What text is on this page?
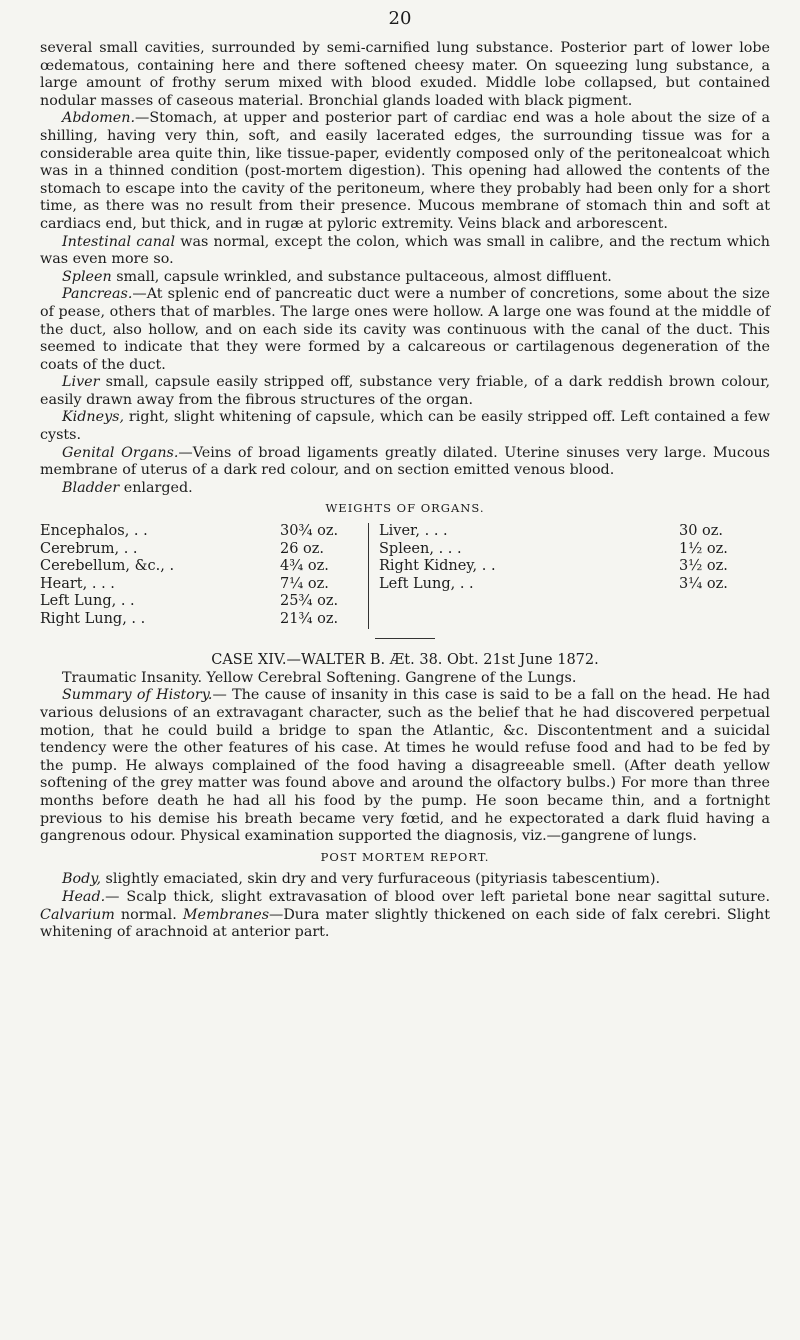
20

several small cavities, surrounded by semi-carnified lung substance. Posterior part of lower lobe œdematous, containing here and there softened cheesy mater. On squeezing lung substance, a large amount of frothy serum mixed with blood exuded. Middle lobe collapsed, but contained nodular masses of caseous material. Bronchial glands loaded with black pigment.

Abdomen.—Stomach, at upper and posterior part of cardiac end was a hole about the size of a shilling, having very thin, soft, and easily lacerated edges, the surrounding tissue was for a considerable area quite thin, like tissue-paper, evidently composed only of the peritonealcoat which was in a thinned condition (post-mortem digestion). This opening had allowed the contents of the stomach to escape into the cavity of the peritoneum, where they probably had been only for a short time, as there was no result from their presence. Mucous membrane of stomach thin and soft at cardiacs end, but thick, and in rugæ at pyloric extremity. Veins black and arborescent.

Intestinal canal was normal, except the colon, which was small in calibre, and the rectum which was even more so.

Spleen small, capsule wrinkled, and substance pultaceous, almost diffluent.

Pancreas.—At splenic end of pancreatic duct were a number of concretions, some about the size of pease, others that of marbles. The large ones were hollow. A large one was found at the middle of the duct, also hollow, and on each side its cavity was continuous with the canal of the duct. This seemed to indicate that they were formed by a calcareous or cartilagenous degeneration of the coats of the duct.

Liver small, capsule easily stripped off, substance very friable, of a dark reddish brown colour, easily drawn away from the fibrous structures of the organ.

Kidneys, right, slight whitening of capsule, which can be easily stripped off. Left contained a few cysts.

Genital Organs.—Veins of broad ligaments greatly dilated. Uterine sinuses very large. Mucous membrane of uterus of a dark red colour, and on section emitted venous blood.

Bladder enlarged.

WEIGHTS OF ORGANS.
Encephalos, . .	30¾ oz.
Cerebrum, . .	26 oz.
Cerebellum, &c., .	4¾ oz.
Heart, . . .	7¼ oz.
Left Lung, . .	25¾ oz.
Right Lung, . .	21¾ oz.
Liver, . . .	30 oz.
Spleen, . . .	1½ oz.
Right Kidney, . .	3½ oz.
Left Lung, . .	3¼ oz.

CASE XIV.—WALTER B. Æt. 38. Obt. 21st June 1872.

Traumatic Insanity. Yellow Cerebral Softening. Gangrene of the Lungs.

Summary of History.— The cause of insanity in this case is said to be a fall on the head. He had various delusions of an extravagant character, such as the belief that he had discovered perpetual motion, that he could build a bridge to span the Atlantic, &c. Discontentment and a suicidal tendency were the other features of his case. At times he would refuse food and had to be fed by the pump. He always complained of the food having a disagreeable smell. (After death yellow softening of the grey matter was found above and around the olfactory bulbs.) For more than three months before death he had all his food by the pump. He soon became thin, and a fortnight previous to his demise his breath became very fœtid, and he expectorated a dark fluid having a gangrenous odour. Physical examination supported the diagnosis, viz.—gangrene of lungs.

POST MORTEM REPORT.

Body, slightly emaciated, skin dry and very furfuraceous (pityriasis tabescentium).

Head.— Scalp thick, slight extravasation of blood over left parietal bone near sagittal suture. Calvarium normal. Membranes—Dura mater slightly thickened on each side of falx cerebri. Slight whitening of arachnoid at anterior part.
